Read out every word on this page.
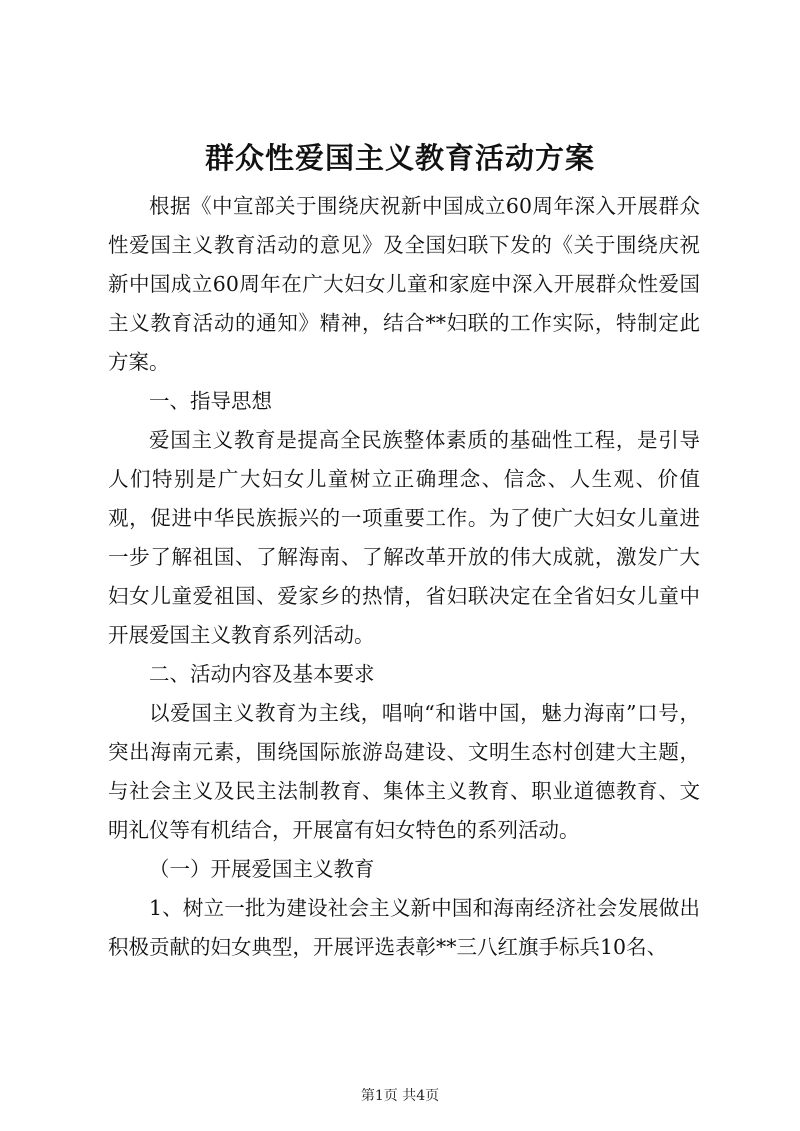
群众性爱国主义教育活动方案

根据《中宣部关于围绕庆祝新中国成立60周年深入开展群众性爱国主义教育活动的意见》及全国妇联下发的《关于围绕庆祝新中国成立60周年在广大妇女儿童和家庭中深入开展群众性爱国主义教育活动的通知》精神，结合**妇联的工作实际，特制定此方案。

一、指导思想

爱国主义教育是提高全民族整体素质的基础性工程，是引导人们特别是广大妇女儿童树立正确理念、信念、人生观、价值观，促进中华民族振兴的一项重要工作。为了使广大妇女儿童进一步了解祖国、了解海南、了解改革开放的伟大成就，激发广大妇女儿童爱祖国、爱家乡的热情，省妇联决定在全省妇女儿童中开展爱国主义教育系列活动。

二、活动内容及基本要求

以爱国主义教育为主线，唱响“和谐中国，魅力海南”口号，突出海南元素，围绕国际旅游岛建设、文明生态村创建大主题，与社会主义及民主法制教育、集体主义教育、职业道德教育、文明礼仪等有机结合，开展富有妇女特色的系列活动。

（一）开展爱国主义教育

1、树立一批为建设社会主义新中国和海南经济社会发展做出积极贡献的妇女典型，开展评选表彰**三八红旗手标兵10名、

第1页 共4页
